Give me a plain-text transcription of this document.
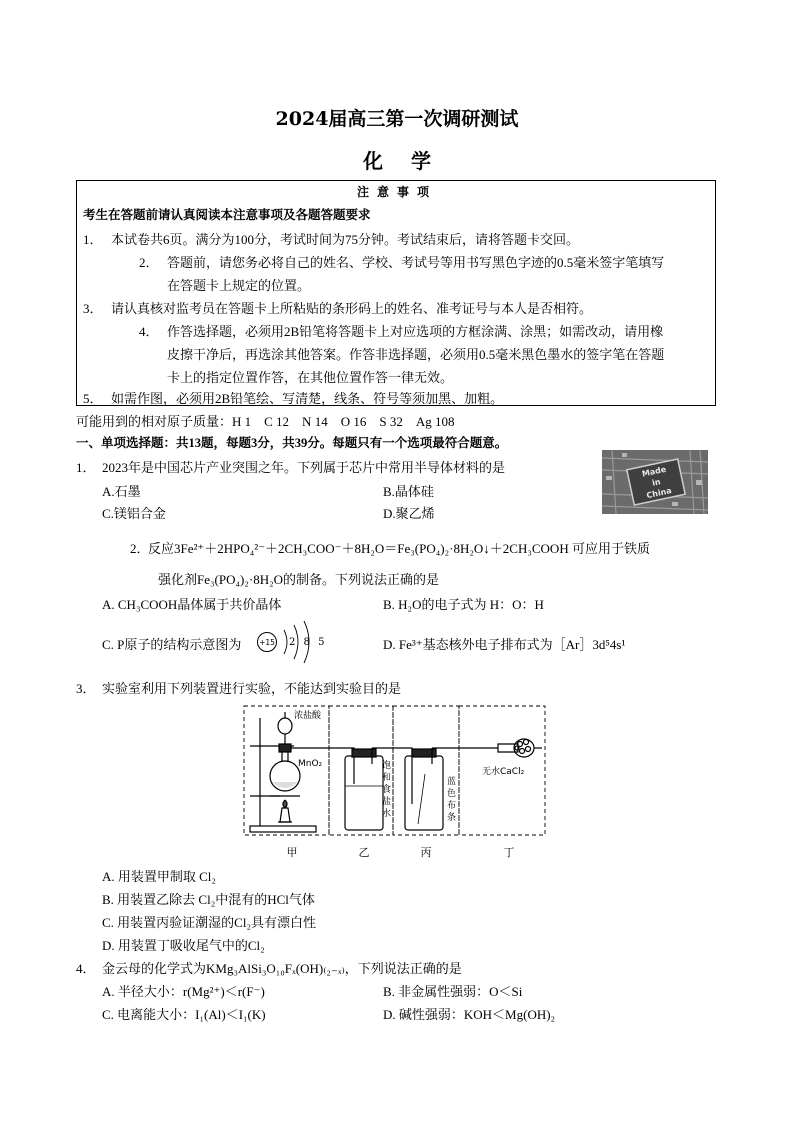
2024届高三第一次调研测试
化学
注意事项
考生在答题前请认真阅读本注意事项及各题答题要求
1． 本试卷共6页。满分为100分，考试时间为75分钟。考试结束后，请将答题卡交回。
2． 答题前，请您务必将自己的姓名、学校、考试号等用书写黑色字迹的0.5毫米签字笔填写
在答题卡上规定的位置。
3． 请认真核对监考员在答题卡上所粘贴的条形码上的姓名、准考证号与本人是否相符。
4． 作答选择题，必须用2B铅笔将答题卡上对应选项的方框涂满、涂黑；如需改动，请用橡
皮擦干净后，再选涂其他答案。作答非选择题，必须用0.5毫米黑色墨水的签字笔在答题
卡上的指定位置作答，在其他位置作答一律无效。
5． 如需作图，必须用2B铅笔绘、写清楚，线条、符号等须加黑、加粗。
可能用到的相对原子质量：H 1　C 12　N 14　O 16　S 32　Ag 108
一、单项选择题：共13题，每题3分，共39分。每题只有一个选项最符合题意。
1． 2023年是中国芯片产业突围之年。下列属于芯片中常用半导体材料的是
A.石墨	B.晶体硅
C.镁铝合金	D.聚乙烯
Made
in
China
2．
反应3Fe²⁺＋2HPO₄²⁻＋2CH₃COO⁻＋8H₂O＝Fe₃(PO₄)₂·8H₂O↓＋2CH₃COOH 可应用于铁质
强化剂Fe₃(PO₄)₂·8H₂O的制备。下列说法正确的是
A. CH₃COOH晶体属于共价晶体	B. H₂O的电子式为 H：O：H
C. P原子的结构示意图为 +15 2 8 5	D. Fe³⁺基态核外电子排布式为［Ar］3d⁵4s¹
3． 实验室利用下列装置进行实验，不能达到实验目的是
浓盐酸
MnO₂	饱
和
食
盐
水
蓝
色
布
条
无水CaCl₂
甲	乙	丙	丁
A. 用装置甲制取 Cl₂
B. 用装置乙除去 Cl₂中混有的HCl气体
C. 用装置丙验证潮湿的Cl₂具有漂白性
D. 用装置丁吸收尾气中的Cl₂
4． 金云母的化学式为KMg₃AlSi₃O₁₀Fₓ(OH)₍₂₋ₓ₎，下列说法正确的是
A. 半径大小：r(Mg²⁺)＜r(F⁻)	B. 非金属性强弱：O＜Si
C. 电离能大小：I₁(Al)＜I₁(K)	D. 碱性强弱：KOH＜Mg(OH)₂
